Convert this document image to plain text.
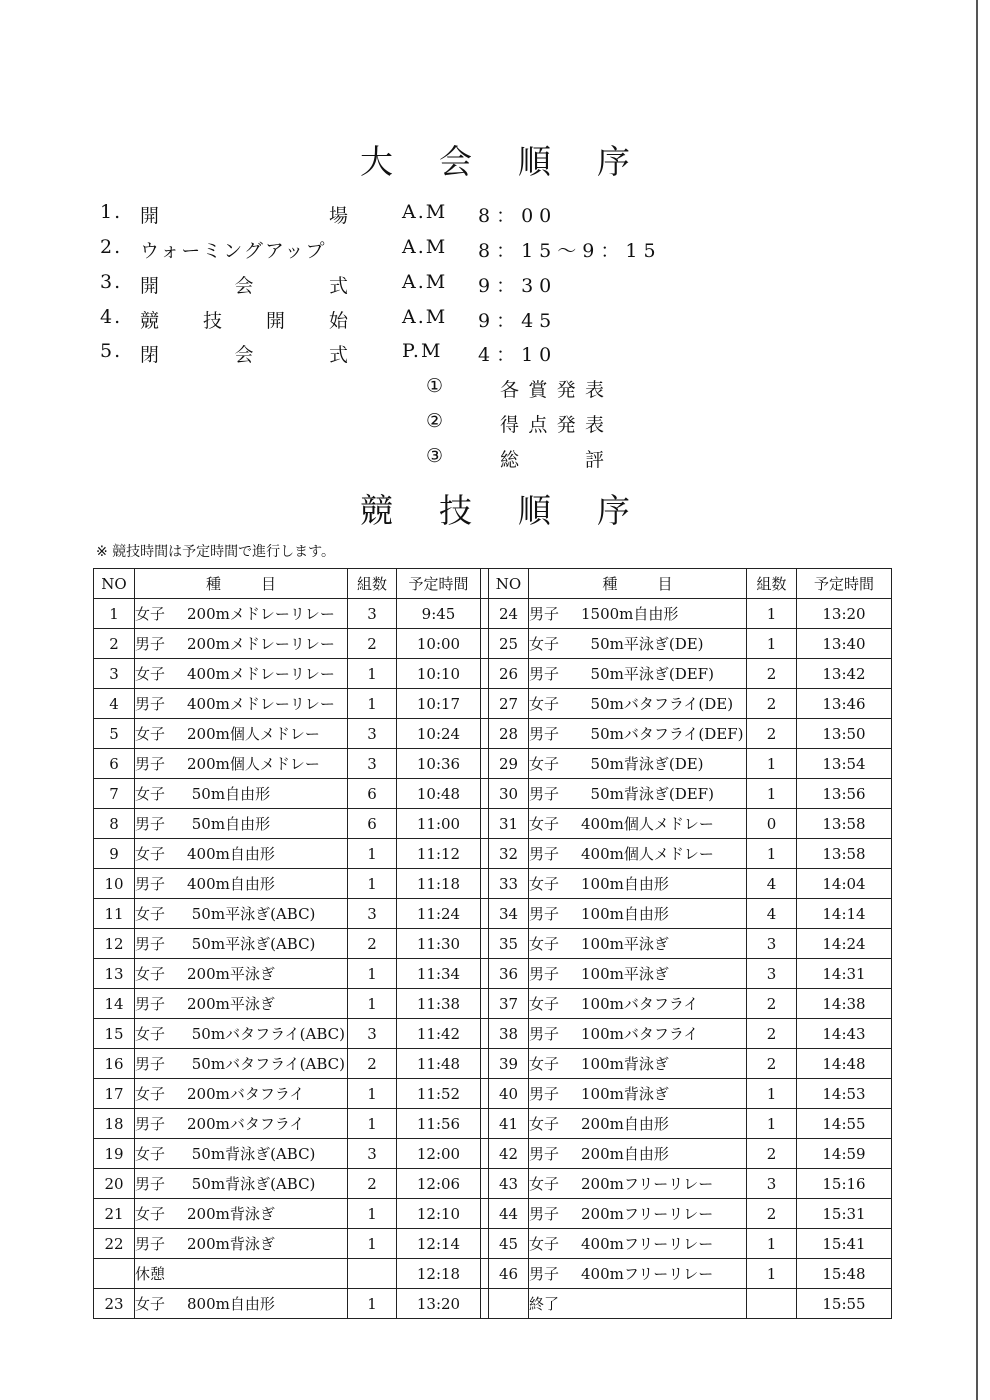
大会順序
1. 開	場	A.M	8：00
2. ウォーミングアップ	A.M	8：15～9：15
3. 開	会	式	A.M	9：30
4. 競 技 開 始	A.M	9：45
5. 閉	会	式	P.M	4：10
①	各 賞 発 表
②	得 点 発 表
③	総	評
競技順序
※ 競技時間は予定時間で進行します。
NO	種目	組数	予定時間		NO	種目	組数	予定時間
1	女子 200mメドレーリレー	3	9:45		24	男子 1500m自由形	1	13:20
2	男子 200mメドレーリレー	2	10:00		25	女子  50m平泳ぎ(DE)	1	13:40
3	女子 400mメドレーリレー	1	10:10		26	男子  50m平泳ぎ(DEF)	2	13:42
4	男子 400mメドレーリレー	1	10:17		27	女子  50mバタフライ(DE)	2	13:46
5	女子 200m個人メドレー	3	10:24		28	男子  50mバタフライ(DEF)	2	13:50
6	男子 200m個人メドレー	3	10:36		29	女子  50m背泳ぎ(DE)	1	13:54
7	女子 50m自由形	6	10:48		30	男子  50m背泳ぎ(DEF)	1	13:56
8	男子 50m自由形	6	11:00		31	女子 400m個人メドレー	0	13:58
9	女子 400m自由形	1	11:12		32	男子 400m個人メドレー	1	13:58
10	男子 400m自由形	1	11:18		33	女子 100m自由形	4	14:04
11	女子 50m平泳ぎ(ABC)	3	11:24		34	男子 100m自由形	4	14:14
12	男子 50m平泳ぎ(ABC)	2	11:30		35	女子 100m平泳ぎ	3	14:24
13	女子 200m平泳ぎ	1	11:34		36	男子 100m平泳ぎ	3	14:31
14	男子 200m平泳ぎ	1	11:38		37	女子 100mバタフライ	2	14:38
15	女子 50mバタフライ(ABC)	3	11:42		38	男子 100mバタフライ	2	14:43
16	男子 50mバタフライ(ABC)	2	11:48		39	女子 100m背泳ぎ	2	14:48
17	女子 200mバタフライ	1	11:52		40	男子 100m背泳ぎ	1	14:53
18	男子 200mバタフライ	1	11:56		41	女子 200m自由形	1	14:55
19	女子 50m背泳ぎ(ABC)	3	12:00		42	男子 200m自由形	2	14:59
20	男子 50m背泳ぎ(ABC)	2	12:06		43	女子 200mフリーリレー	3	15:16
21	女子 200m背泳ぎ	1	12:10		44	男子 200mフリーリレー	2	15:31
22	男子 200m背泳ぎ	1	12:14		45	女子 400mフリーリレー	1	15:41
	休憩		12:18		46	男子 400mフリーリレー	1	15:48
23	女子 800m自由形	1	13:20			終了		15:55
